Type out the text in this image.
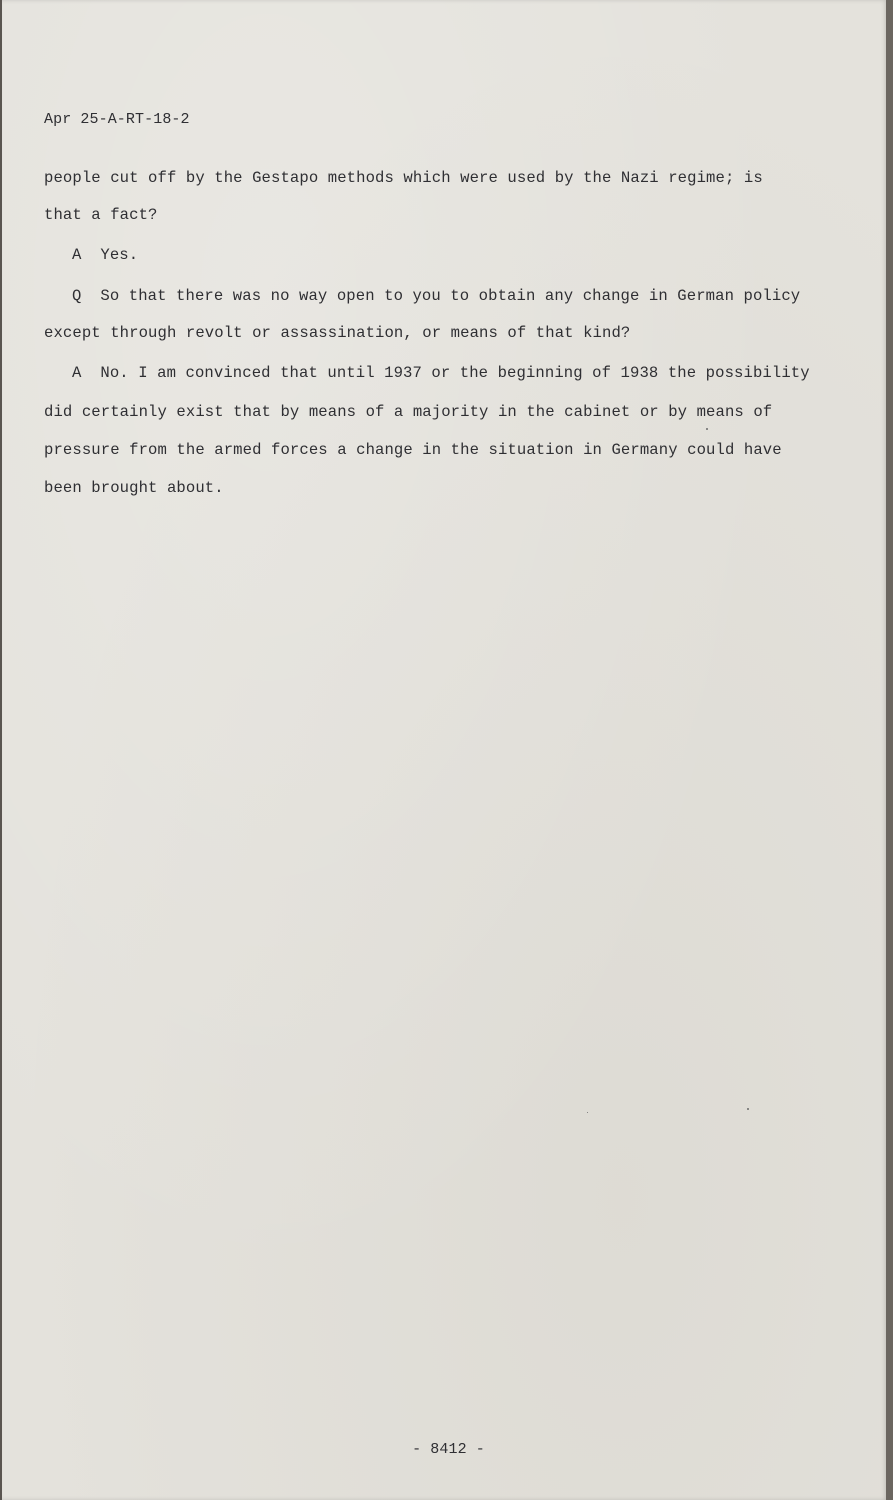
Apr 25-A-RT-18-2
people cut off by the Gestapo methods which were used by the Nazi regime; is
that a fact?
A  Yes.
Q  So that there was no way open to you to obtain any change in German policy
except through revolt or assassination, or means of that kind?
A  No. I am convinced that until 1937 or the beginning of 1938 the possibility
did certainly exist that by means of a majority in the cabinet or by means of
pressure from the armed forces a change in the situation in Germany could have
been brought about.
- 8412 -
